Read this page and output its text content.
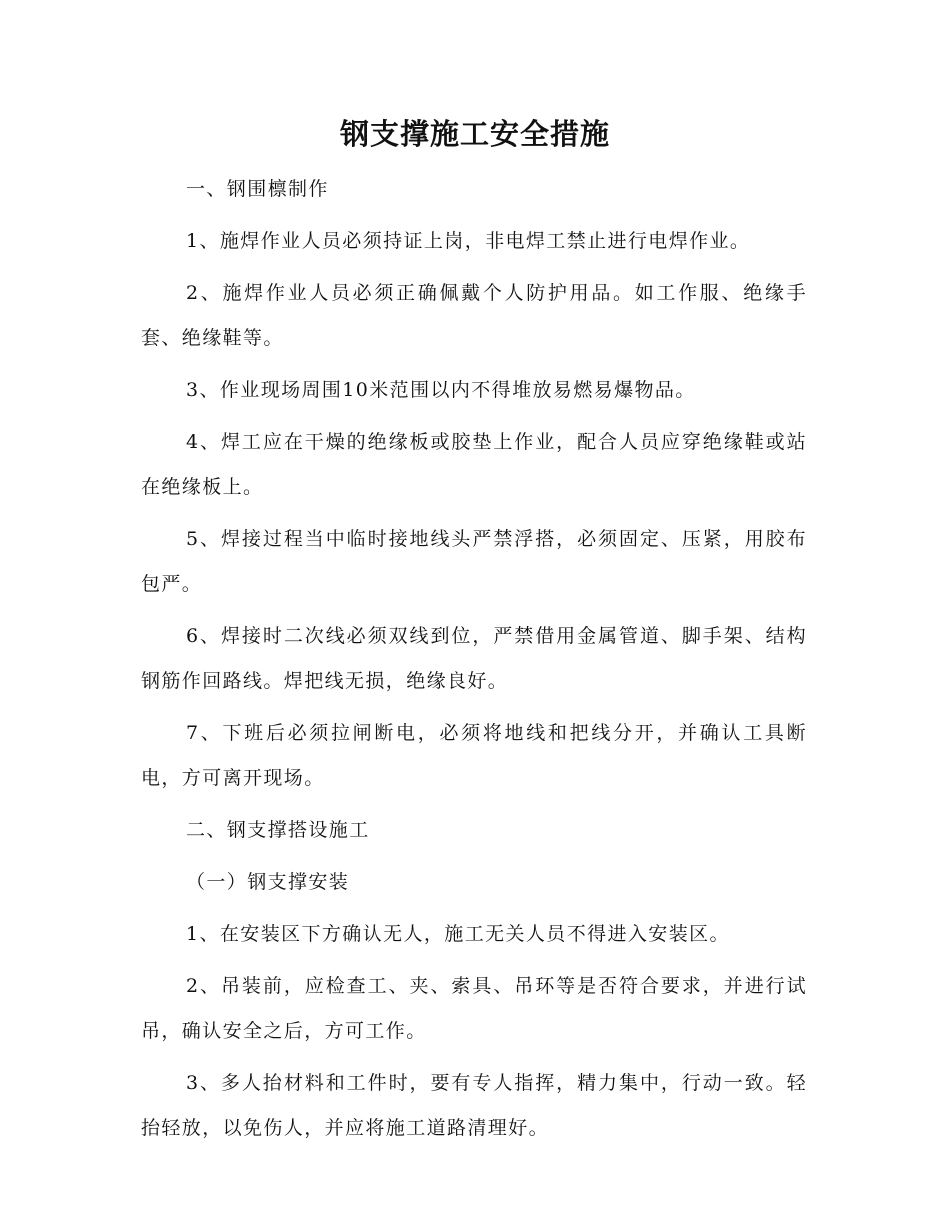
钢支撑施工安全措施

一、钢围檩制作

1、施焊作业人员必须持证上岗，非电焊工禁止进行电焊作业。

2、施焊作业人员必须正确佩戴个人防护用品。如工作服、绝缘手套、绝缘鞋等。

3、作业现场周围10米范围以内不得堆放易燃易爆物品。

4、焊工应在干燥的绝缘板或胶垫上作业，配合人员应穿绝缘鞋或站在绝缘板上。

5、焊接过程当中临时接地线头严禁浮搭，必须固定、压紧，用胶布包严。

6、焊接时二次线必须双线到位，严禁借用金属管道、脚手架、结构钢筋作回路线。焊把线无损，绝缘良好。

7、下班后必须拉闸断电，必须将地线和把线分开，并确认工具断电，方可离开现场。

二、钢支撑搭设施工

（一）钢支撑安装

1、在安装区下方确认无人，施工无关人员不得进入安装区。

2、吊装前，应检查工、夹、索具、吊环等是否符合要求，并进行试吊，确认安全之后，方可工作。

3、多人抬材料和工件时，要有专人指挥，精力集中，行动一致。轻抬轻放，以免伤人，并应将施工道路清理好。
